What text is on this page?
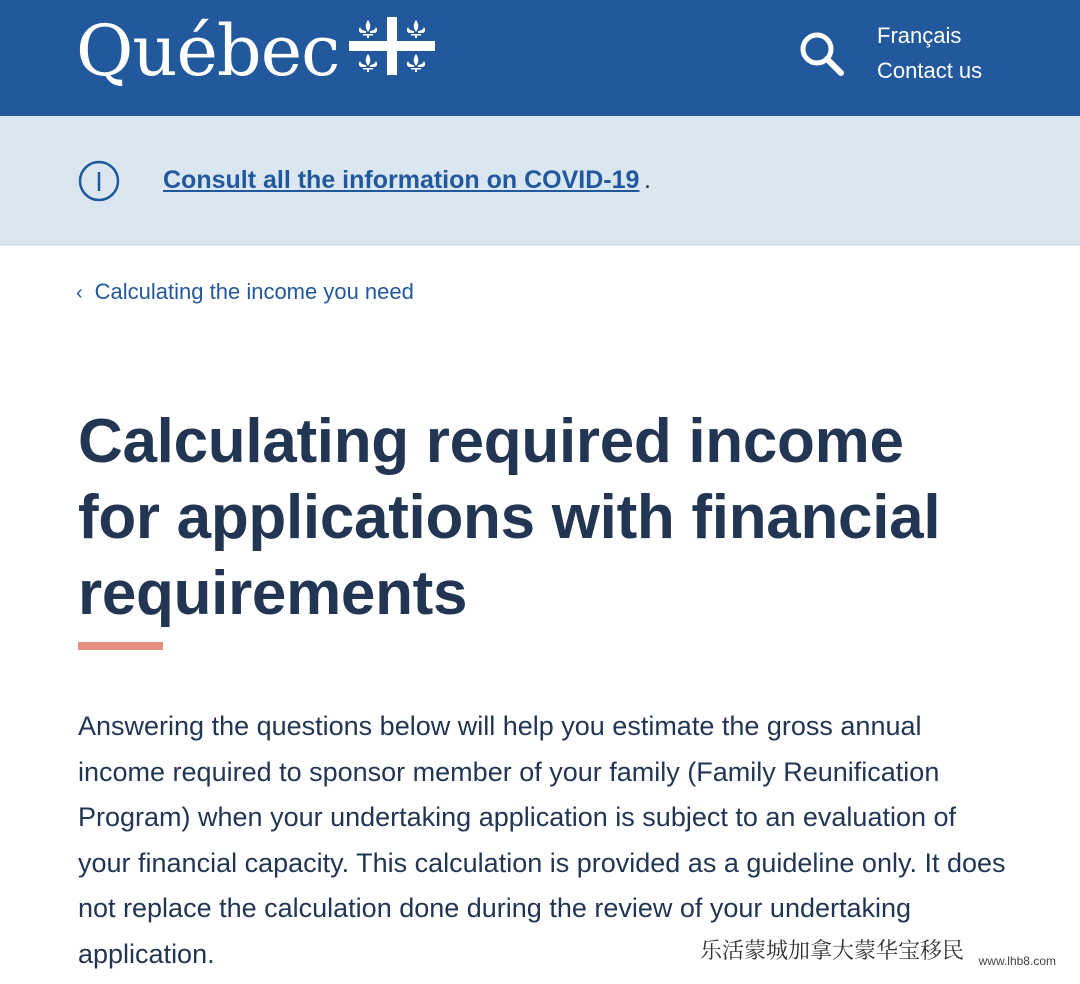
Québec	Français
Contact us
Consult all the information on COVID-19 .
‹ Calculating the income you need
Calculating required income for applications with financial requirements

Answering the questions below will help you estimate the gross annual income required to sponsor member of your family (Family Reunification Program) when your undertaking application is subject to an evaluation of your financial capacity. This calculation is provided as a guideline only. It does not replace the calculation done during the review of your undertaking application.	乐活蒙城加拿大蒙华宝移民 www.lhb8.com
